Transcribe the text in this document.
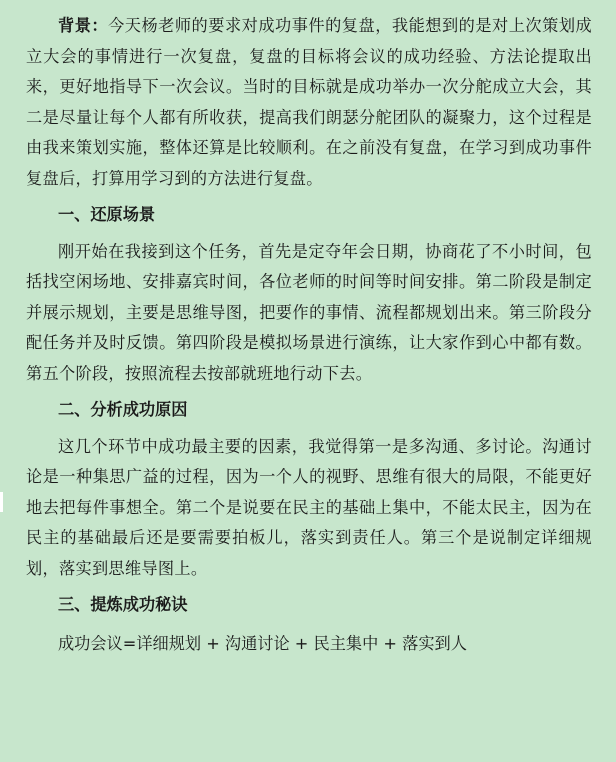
背景：今天杨老师的要求对成功事件的复盘，我能想到的是对上次策划成立大会的事情进行一次复盘，复盘的目标将会议的成功经验、方法论提取出来，更好地指导下一次会议。当时的目标就是成功举办一次分舵成立大会，其二是尽量让每个人都有所收获，提高我们朗瑟分舵团队的凝聚力，这个过程是由我来策划实施，整体还算是比较顺利。在之前没有复盘，在学习到成功事件复盘后，打算用学习到的方法进行复盘。

一、还原场景

刚开始在我接到这个任务，首先是定夺年会日期，协商花了不小时间，包括找空闲场地、安排嘉宾时间，各位老师的时间等时间安排。第二阶段是制定并展示规划，主要是思维导图，把要作的事情、流程都规划出来。第三阶段分配任务并及时反馈。第四阶段是模拟场景进行演练，让大家作到心中都有数。第五个阶段，按照流程去按部就班地行动下去。

二、分析成功原因

这几个环节中成功最主要的因素，我觉得第一是多沟通、多讨论。沟通讨论是一种集思广益的过程，因为一个人的视野、思维有很大的局限，不能更好地去把每件事想全。第二个是说要在民主的基础上集中，不能太民主，因为在民主的基础最后还是要需要拍板儿，落实到责任人。第三个是说制定详细规划，落实到思维导图上。

三、提炼成功秘诀

成功会议=详细规划 + 沟通讨论 + 民主集中 + 落实到人
